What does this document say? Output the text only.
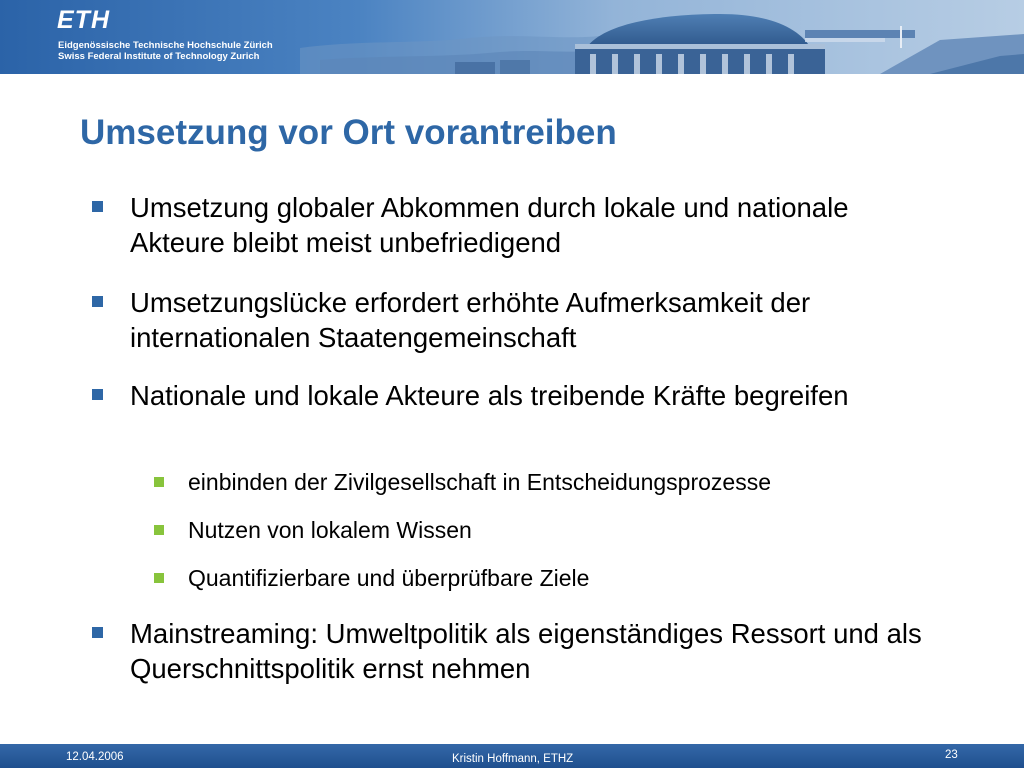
ETH
Eidgenössische Technische Hochschule Zürich
Swiss Federal Institute of Technology Zurich
Umsetzung vor Ort vorantreiben
Umsetzung globaler Abkommen durch lokale und nationale Akteure bleibt meist unbefriedigend
Umsetzungslücke erfordert erhöhte Aufmerksamkeit der internationalen Staatengemeinschaft
Nationale und lokale Akteure als treibende Kräfte begreifen
einbinden der Zivilgesellschaft in Entscheidungsprozesse
Nutzen von lokalem Wissen
Quantifizierbare und überprüfbare Ziele
Mainstreaming: Umweltpolitik als eigenständiges Ressort und als Querschnittspolitik ernst nehmen
12.04.2006	Kristin Hoffmann, ETHZ	23
